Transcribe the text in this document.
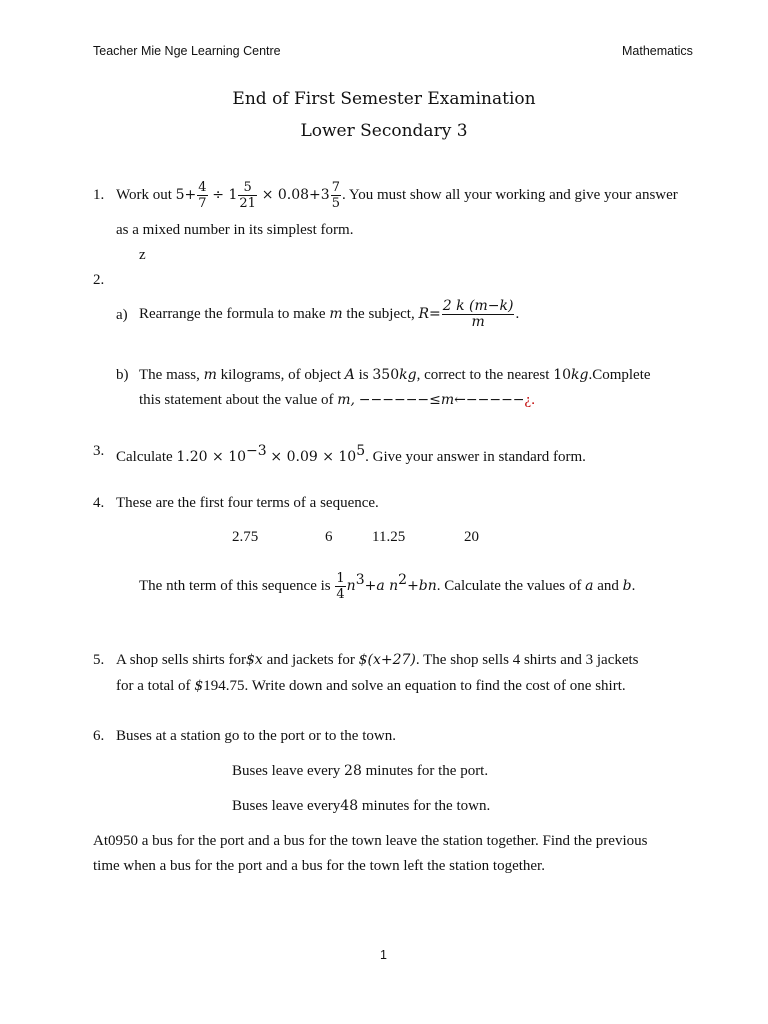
Teacher Mie Nge Learning Centre	Mathematics
End of First Semester Examination
Lower Secondary 3
1. Work out $5+ \frac{4}{7} \div 1 \frac{5}{21} \times 0.08+3 \frac{7}{5}$ . You must show all your working and give your answer
as a mixed number in its simplest form.
z
2.
a) Rearrange the formula to make m the subject, $R= \frac{2 k (m-k)}{m}$ .
b) The mass, m kilograms, of object A is 350kg, correct to the nearest 10kg.Complete
this statement about the value of m, −−−−−−≤m←−−−−−¿.
3. Calculate $1.20 \times 10^{-3} \times 0.09 \times 10^5$. Give your answer in standard form.
4. These are the first four terms of a sequence.
2.75	6	11.25	20
The nth term of this sequence is $\frac{1}{4} n^3+a$ $n^2+bn$. Calculate the values of a and b.
5. A shop sells shirts for$x and jackets for $(x+27). The shop sells 4 shirts and 3 jackets
for a total of $194.75. Write down and solve an equation to find the cost of one shirt.
6. Buses at a station go to the port or to the town.
Buses leave every 28 minutes for the port.
Buses leave every48 minutes for the town.
At0950 a bus for the port and a bus for the town leave the station together. Find the previous
time when a bus for the port and a bus for the town left the station together.
1
